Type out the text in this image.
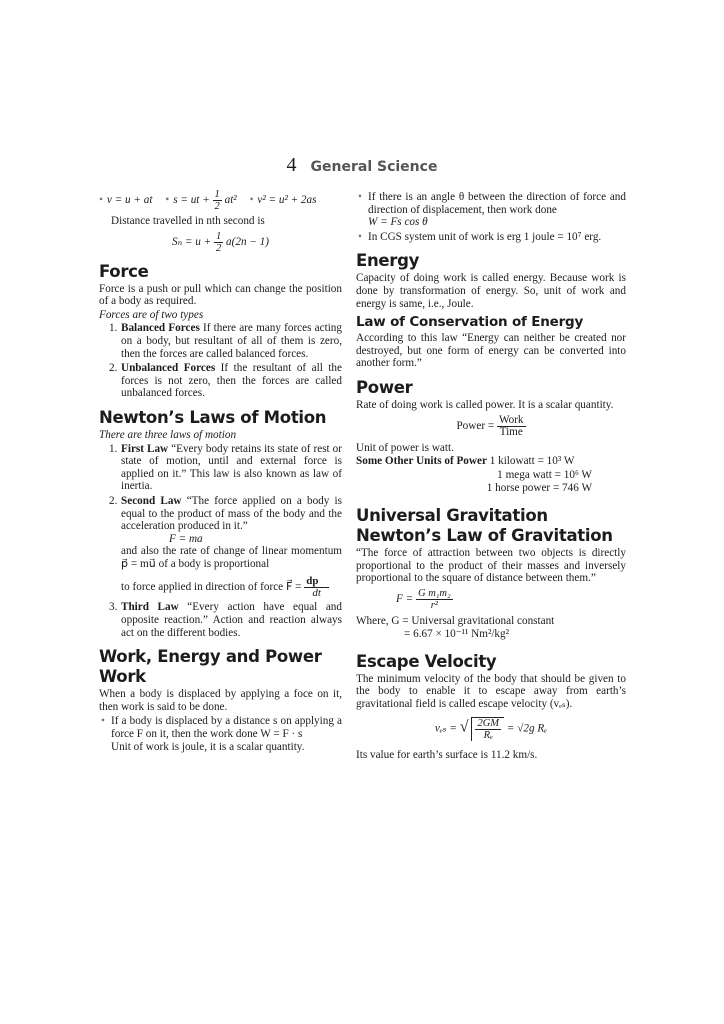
4 General Science
• v = u + at • s = ut + $\frac{1}{2} at^2$ • v² = u² + 2as

Distance travelled in nth second is

$S_n = u + \frac{1}{2} a(2n - 1)$
Force

Force is a push or pull which can change the position of a body as required.

Forces are of two types

1. Balanced Forces If there are many forces acting on a body, but resultant of all of them is zero, then the forces are called balanced forces.
2. Unbalanced Forces If the resultant of all the forces is not zero, then the forces are called unbalanced forces.
Newton’s Laws of Motion

There are three laws of motion

1. First Law “Every body retains its state of rest or state of motion, until and external force is applied on it.” This law is also known as law of inertia.
2. Second Law “The force applied on a body is equal to the product of mass of the body and the acceleration produced in it.”
F = ma
and also the rate of change of linear momentum p⃗ = mu⃗ of a body is proportional
to force applied in direction of force F⃗ = $\frac{dp⃗}{dt}$
3. Third Law “Every action have equal and opposite reaction.” Action and reaction always act on the different bodies.
Work, Energy and Power
Work

When a body is displaced by applying a foce on it, then work is said to be done.

• If a body is displaced by a distance s on applying a force F on it, then the work done W = F · s
Unit of work is joule, it is a scalar quantity.
• If there is an angle θ between the direction of force and direction of displacement, then work done
W = Fs cos θ
• In CGS system unit of work is erg 1 joule = 10⁷ erg.
Energy

Capacity of doing work is called energy. Because work is done by transformation of energy. So, unit of work and energy is same, i.e., Joule.

Law of Conservation of Energy

According to this law “Energy can neither be created nor destroyed, but one form of energy can be converted into another form.”

Power

Rate of doing work is called power. It is a scalar quantity.

Power = $\frac{\text{Work}}{\text{Time}}$

Unit of power is watt.

Some Other Units of Power 1 kilowatt = 10³ W

1 mega watt = 10⁶ W

1 horse power = 746 W

Universal Gravitation
Newton’s Law of Gravitation

“The force of attraction between two objects is directly proportional to the product of their masses and inversely proportional to the square of distance between them.”

$F = \frac{\text{G m₁m₂}}{\text{r²}}$

Where, G = Universal gravitational constant

= 6.67 × 10⁻¹¹ Nm²/kg²

Escape Velocity

The minimum velocity of the body that should be given to the body to enable it to escape away from earth’s gravitational field is called escape velocity (vₑₛ).

vₑₛ = √ $\frac{2GM}{\text{Rₑ}} = √2g$ Rₑ

Its value for earth’s surface is 11.2 km/s.
